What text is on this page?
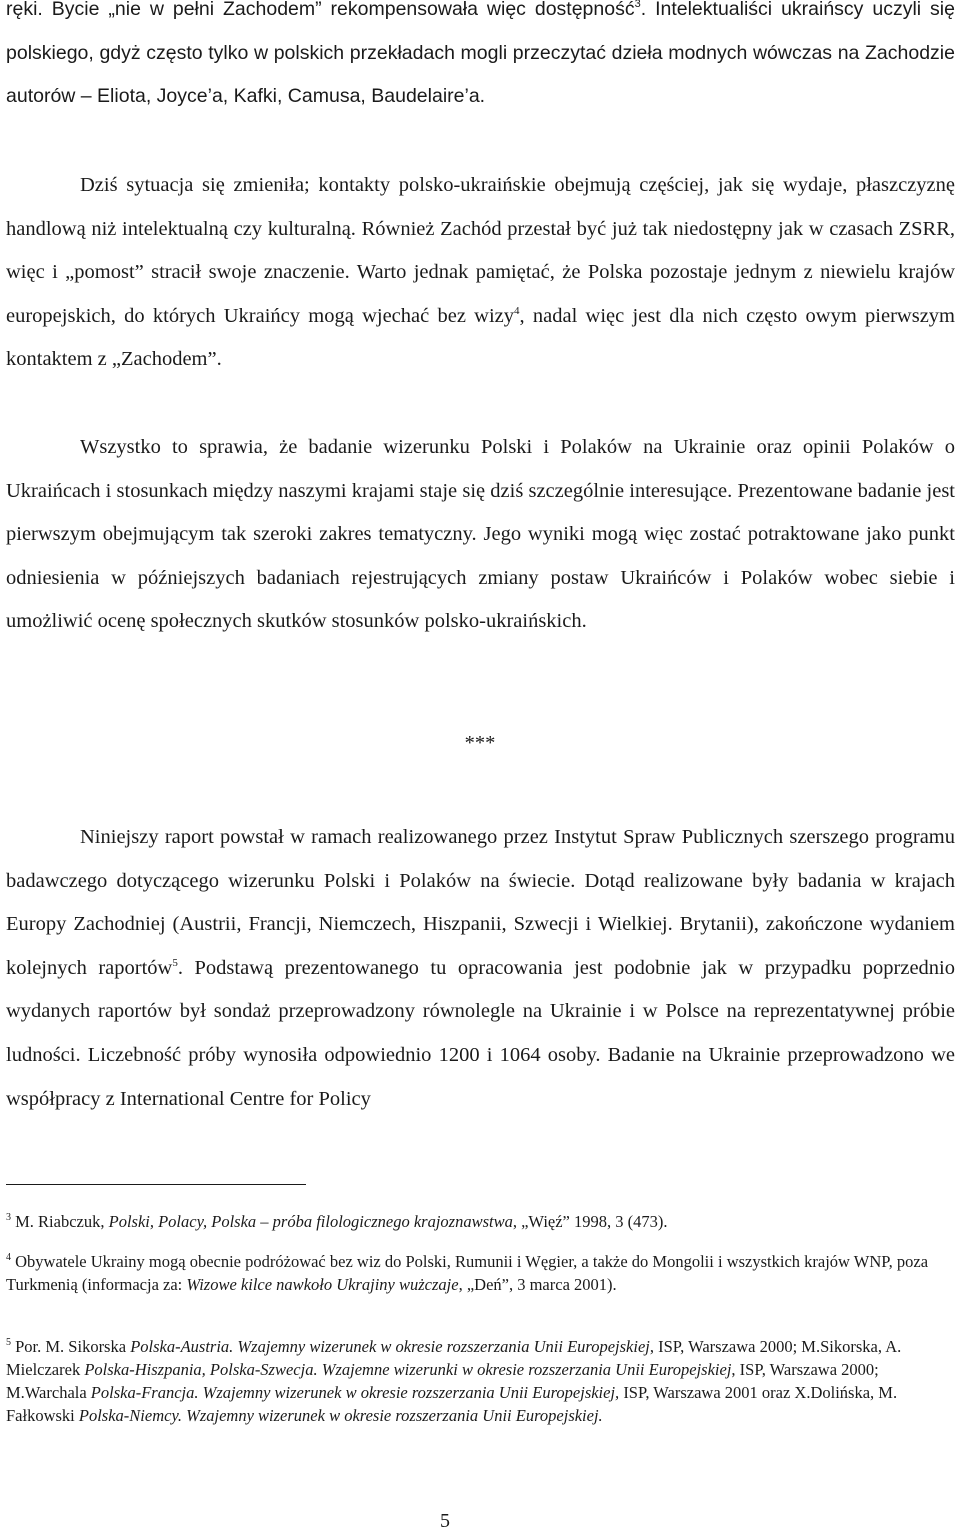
ręki. Bycie „nie w pełni Zachodem” rekompensowała więc dostępność$^3$. Intelektualiści ukraińscy uczyli się polskiego, gdyż często tylko w polskich przekładach mogli przeczytać dzieła modnych wówczas na Zachodzie autorów – Eliota, Joyce’a, Kafki, Camusa, Baudelaire’a.

Dziś sytuacja się zmieniła; kontakty polsko-ukraińskie obejmują częściej, jak się wydaje, płaszczyznę handlową niż intelektualną czy kulturalną. Również Zachód przestał być już tak niedostępny jak w czasach ZSRR, więc i „pomost” stracił swoje znaczenie. Warto jednak pamiętać, że Polska pozostaje jednym z niewielu krajów europejskich, do których Ukraińcy mogą wjechać bez wizy$^4$, nadal więc jest dla nich często owym pierwszym kontaktem z „Zachodem”.

Wszystko to sprawia, że badanie wizerunku Polski i Polaków na Ukrainie oraz opinii Polaków o Ukraińcach i stosunkach między naszymi krajami staje się dziś szczególnie interesujące. Prezentowane badanie jest pierwszym obejmującym tak szeroki zakres tematyczny. Jego wyniki mogą więc zostać potraktowane jako punkt odniesienia w późniejszych badaniach rejestrujących zmiany postaw Ukraińców i Polaków wobec siebie i umożliwić ocenę społecznych skutków stosunków polsko-ukraińskich.

***

Niniejszy raport powstał w ramach realizowanego przez Instytut Spraw Publicznych szerszego programu badawczego dotyczącego wizerunku Polski i Polaków na świecie. Dotąd realizowane były badania w krajach Europy Zachodniej (Austrii, Francji, Niemczech, Hiszpanii, Szwecji i Wielkiej. Brytanii), zakończone wydaniem kolejnych raportów$^5$. Podstawą prezentowanego tu opracowania jest podobnie jak w przypadku poprzednio wydanych raportów był sondaż przeprowadzony równolegle na Ukrainie i w Polsce na reprezentatywnej próbie ludności. Liczebność próby wynosiła odpowiednio 1200 i 1064 osoby. Badanie na Ukrainie przeprowadzono we współpracy z International Centre for Policy

$^3$ M. Riabczuk, Polski, Polacy, Polska – próba filologicznego krajoznawstwa, „Więź” 1998, 3 (473).

$^4$ Obywatele Ukrainy mogą obecnie podróżować bez wiz do Polski, Rumunii i Węgier, a także do Mongolii i wszystkich krajów WNP, poza Turkmenią (informacja za: Wizowe kilce nawkoło Ukrajiny wużczaje, „Deń”, 3 marca 2001).

$^5$ Por. M. Sikorska Polska-Austria. Wzajemny wizerunek w okresie rozszerzania Unii Europejskiej, ISP, Warszawa 2000; M.Sikorska, A. Mielczarek Polska-Hiszpania, Polska-Szwecja. Wzajemne wizerunki w okresie rozszerzania Unii Europejskiej, ISP, Warszawa 2000; M.Warchala Polska-Francja. Wzajemny wizerunek w okresie rozszerzania Unii Europejskiej, ISP, Warszawa 2001 oraz X.Dolińska, M. Fałkowski Polska-Niemcy. Wzajemny wizerunek w okresie rozszerzania Unii Europejskiej.

5
